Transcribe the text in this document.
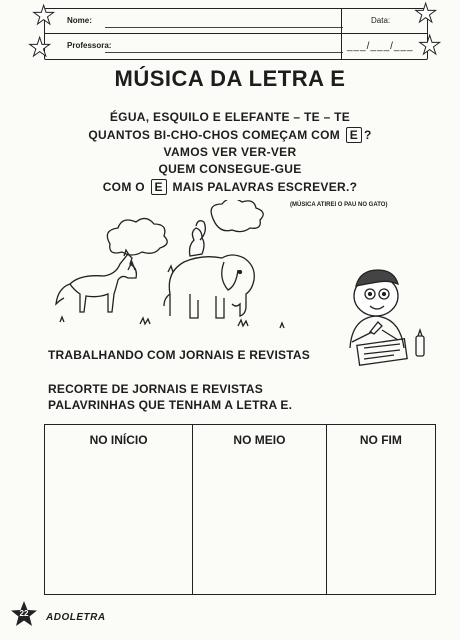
Nome:
Professora:
Data:
___/___/___
★
★
★
★
MÚSICA DA LETRA E
ÉGUA, ESQUILO E ELEFANTE – TE – TE
QUANTOS BI-CHO-CHOS COMEÇAM COM E ?
VAMOS VER VER-VER
QUEM CONSEGUE-GUE
COM O E MAIS PALAVRAS ESCREVER.?
(MÚSICA ATIREI O PAU NO GATO)
TRABALHANDO COM JORNAIS E REVISTAS
RECORTE DE JORNAIS E REVISTAS
PALAVRINHAS QUE TENHAM A LETRA E.
NO INÍCIO	NO MEIO	NO FIM
22	ADOLETRA
